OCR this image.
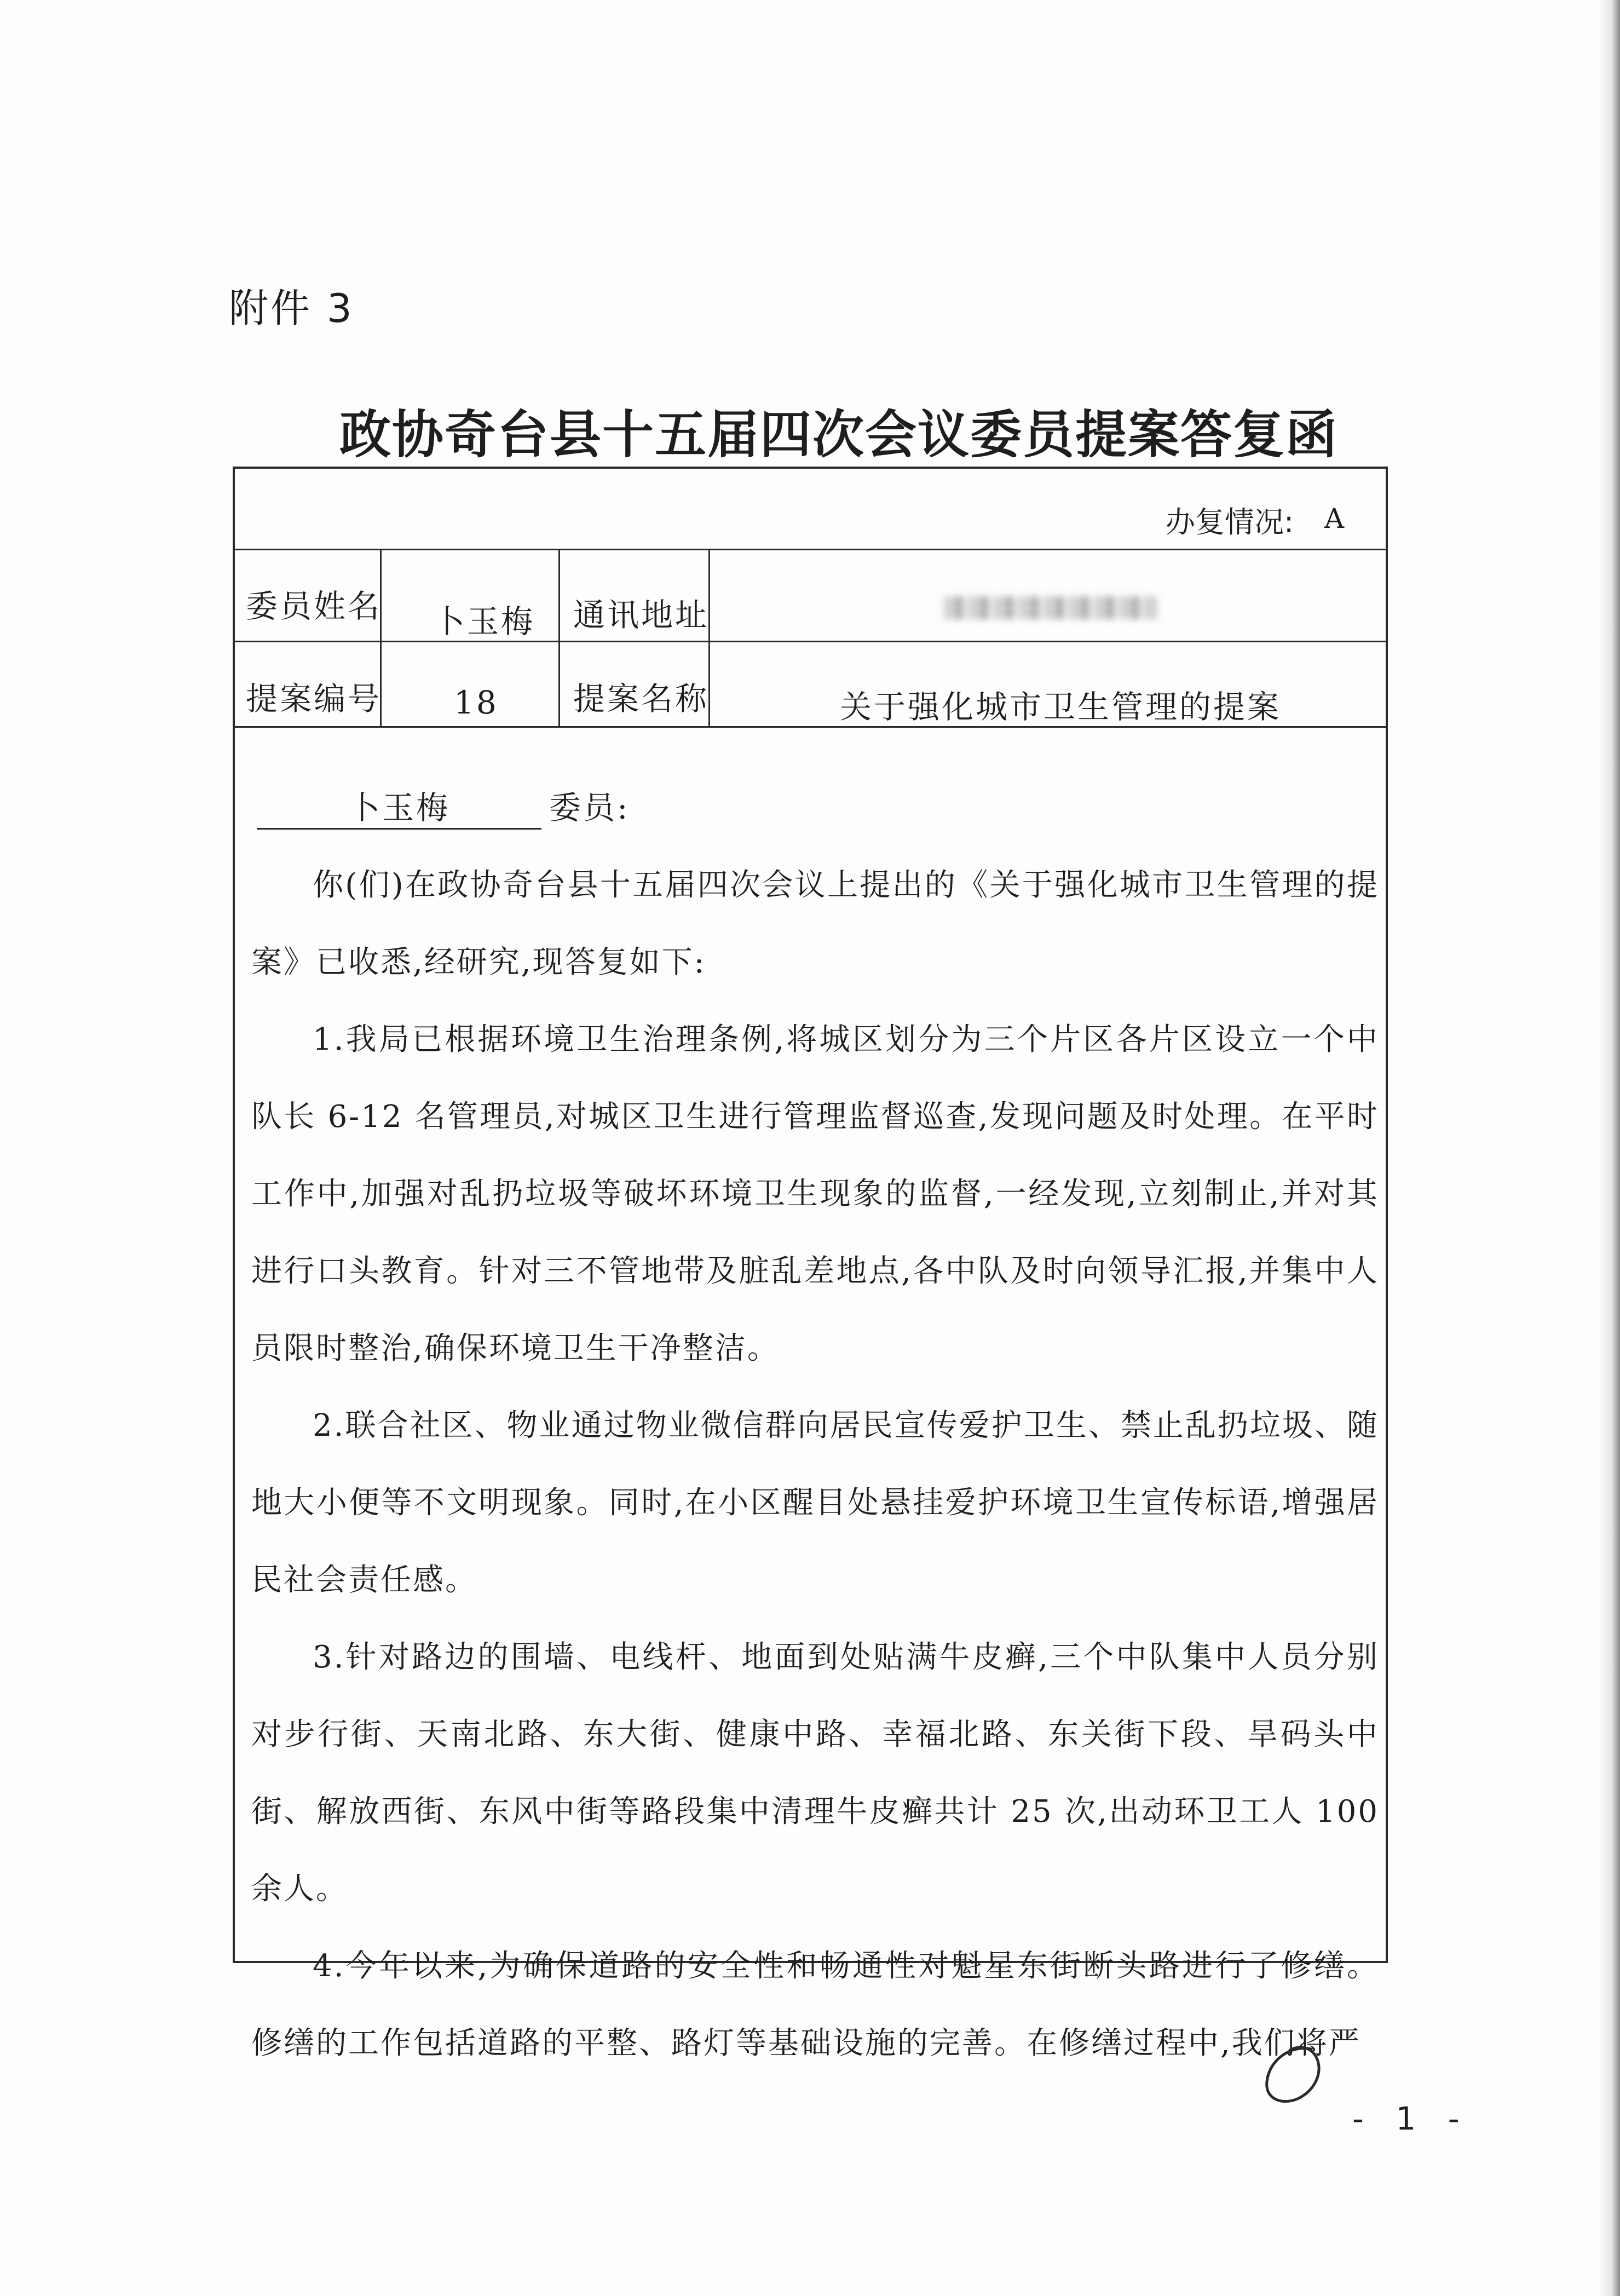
附件 3
政协奇台县十五届四次会议委员提案答复函
办复情况: A
委员姓名 卜玉梅 通讯地址
提案编号 18 提案名称	关于强化城市卫生管理的提案
卜玉梅	委员:

你(们)在政协奇台县十五届四次会议上提出的《关于强化城市卫生管理的提案》已收悉,经研究,现答复如下:

1.我局已根据环境卫生治理条例,将城区划分为三个片区各片区设立一个中队长 6-12 名管理员,对城区卫生进行管理监督巡查,发现问题及时处理。在平时工作中,加强对乱扔垃圾等破坏环境卫生现象的监督,一经发现,立刻制止,并对其进行口头教育。针对三不管地带及脏乱差地点,各中队及时向领导汇报,并集中人员限时整治,确保环境卫生干净整洁。

2.联合社区、物业通过物业微信群向居民宣传爱护卫生、禁止乱扔垃圾、随地大小便等不文明现象。同时,在小区醒目处悬挂爱护环境卫生宣传标语,增强居民社会责任感。

3.针对路边的围墙、电线杆、地面到处贴满牛皮癣,三个中队集中人员分别对步行街、天南北路、东大街、健康中路、幸福北路、东关街下段、旱码头中街、解放西街、东风中街等路段集中清理牛皮癣共计 25 次,出动环卫工人 100 余人。

4.今年以来,为确保道路的安全性和畅通性对魁星东街断头路进行了修缮。修缮的工作包括道路的平整、路灯等基础设施的完善。在修缮过程中,我们将严

- 1 -
